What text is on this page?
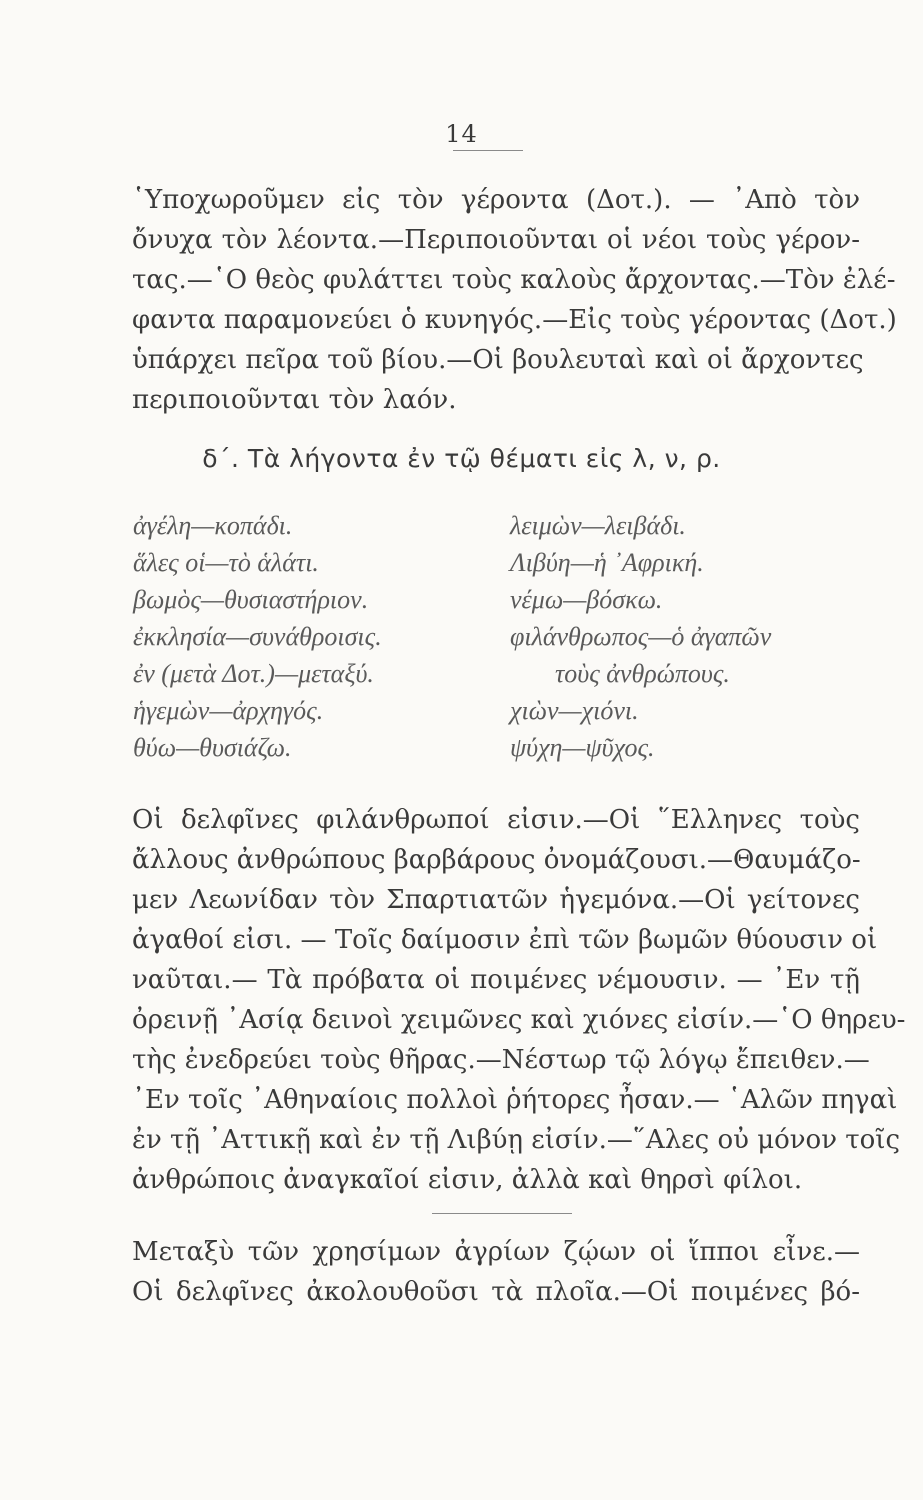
14
῾Υποχωροῦμεν εἰς τὸν γέροντα (Δοτ.). — ᾿Απὸ τὸν
ὄνυχα τὸν λέοντα.—Περιποιοῦνται οἱ νέοι τοὺς γέρον-
τας.—῾Ο θεὸς φυλάττει τοὺς καλοὺς ἄρχοντας.—Τὸν ἐλέ-
φαντα παραμονεύει ὁ κυνηγός.—Εἰς τοὺς γέροντας (Δοτ.)
ὑπάρχει πεῖρα τοῦ βίου.—Οἱ βουλευταὶ καὶ οἱ ἄρχοντες
περιποιοῦνται τὸν λαόν.
δ΄. Τὰ λήγοντα ἐν τῷ θέματι εἰς λ, ν, ρ.
ἀγέλη—κοπάδι.
ἅλες οἱ—τὸ ἁλάτι.
βωμὸς—θυσιαστήριον.
ἐκκλησία—συνάθροισις.
ἐν (μετὰ Δοτ.)—μεταξύ.
ἡγεμὼν—ἀρχηγός.
θύω—θυσιάζω.
λειμὼν—λειβάδι.
Λιβύη—ἡ ᾿Αφρική.
νέμω—βόσκω.
φιλάνθρωπος—ὁ ἀγαπῶν
τοὺς ἀνθρώπους.
χιὼν—χιόνι.
ψύχη—ψῦχος.
Οἱ δελφῖνες φιλάνθρωποί εἰσιν.—Οἱ ῞Ελληνες τοὺς
ἄλλους ἀνθρώπους βαρβάρους ὀνομάζουσι.—Θαυμάζο-
μεν Λεωνίδαν τὸν Σπαρτιατῶν ἡγεμόνα.—Οἱ γείτονες
ἀγαθοί εἰσι. — Τοῖς δαίμοσιν ἐπὶ τῶν βωμῶν θύουσιν οἱ
ναῦται.— Τὰ πρόβατα οἱ ποιμένες νέμουσιν. — ᾿Εν τῇ
ὀρεινῇ ᾿Ασίᾳ δεινοὶ χειμῶνες καὶ χιόνες εἰσίν.—῾Ο θηρευ-
τὴς ἐνεδρεύει τοὺς θῆρας.—Νέστωρ τῷ λόγῳ ἔπειθεν.—
᾿Εν τοῖς ᾿Αθηναίοις πολλοὶ ῥήτορες ἦσαν.— ῾Αλῶν πηγαὶ
ἐν τῇ ᾿Αττικῇ καὶ ἐν τῇ Λιβύῃ εἰσίν.—῞Αλες οὐ μόνον τοῖς
ἀνθρώποις ἀναγκαῖοί εἰσιν, ἀλλὰ καὶ θηρσὶ φίλοι.
Μεταξὺ τῶν χρησίμων ἀγρίων ζῴων οἱ ἵπποι εἶνε.—
Οἱ δελφῖνες ἀκολουθοῦσι τὰ πλοῖα.—Οἱ ποιμένες βό-
